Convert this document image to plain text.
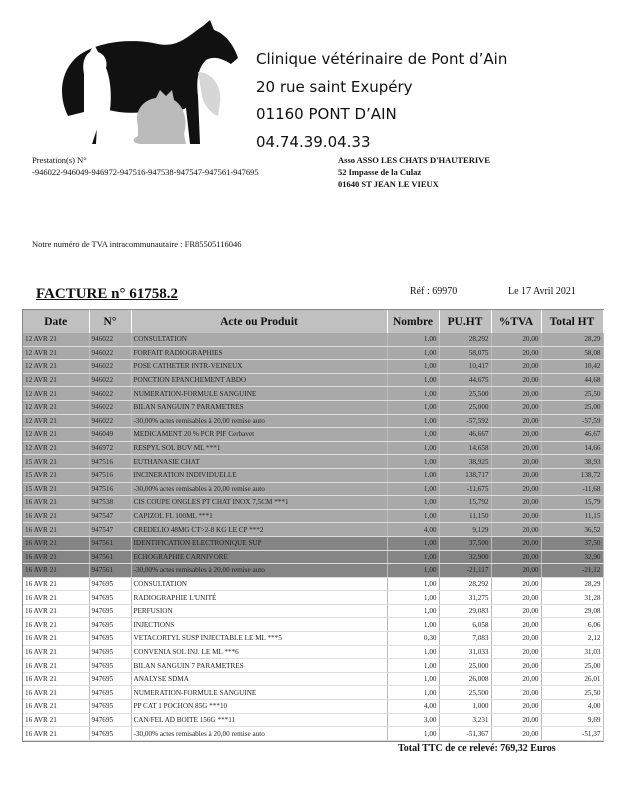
Clinique vétérinaire de Pont d’Ain
20 rue saint Exupéry
01160 PONT D’AIN
04.74.39.04.33
Prestation(s) N°
-946022-946049-946972-947516-947538-947547-947561-947695
Asso ASSO LES CHATS D'HAUTERIVE
52 Impasse de la Culaz
01640 ST JEAN LE VIEUX
Notre numéro de TVA intracommunautaire : FR85505116046
FACTURE n° 61758.2	Réf : 69970	Le 17 Avril 2021
Date	N°	Acte ou Produit	Nombre	PU.HT	%TVA	Total HT
12 AVR 21	946022	CONSULTATION	1,00	28,292	20,00	28,29
12 AVR 21	946022	FORFAIT RADIOGRAPHIES	1,00	58,075	20,00	58,08
12 AVR 21	946022	POSE CATHETER INTR-VEINEUX	1,00	10,417	20,00	10,42
12 AVR 21	946022	PONCTION EPANCHEMENT ABDO	1,00	44,675	20,00	44,68
12 AVR 21	946022	NUMERATION-FORMULE SANGUINE	1,00	25,500	20,00	25,50
12 AVR 21	946022	BILAN SANGUIN 7 PARAMETRES	1,00	25,000	20,00	25,00
12 AVR 21	946022	-30,00% actes remisables à 20,00 remise auto	1,00	-57,592	20,00	-57,59
12 AVR 21	946049	MEDICAMENT 20 % PCR PIF Cerbavet	1,00	46,667	20,00	46,67
12 AVR 21	946972	RESPYL SOL BUV ML ***1	1,00	14,658	20,00	14,66
15 AVR 21	947516	EUTHANASIE CHAT	1,00	38,925	20,00	38,93
15 AVR 21	947516	INCINERATION INDIVIDUELLE	1,00	138,717	20,00	138,72
15 AVR 21	947516	-30,00% actes remisables à 20,00 remise auto	1,00	-11,675	20,00	-11,68
16 AVR 21	947538	CIS COUPE ONGLES PT CHAT INOX 7,5CM ***1	1,00	15,792	20,00	15,79
16 AVR 21	947547	CAPIZOL FL 100ML ***1	1,00	11,150	20,00	11,15
16 AVR 21	947547	CREDELIO 48MG CT>2-8 KG LE CP ***2	4,00	9,129	20,00	36,52
16 AVR 21	947561	IDENTIFICATION ELECTRONIQUE SUP	1,00	37,500	20,00	37,50
16 AVR 21	947561	ECHOGRAPHIE CARNIVORE	1,00	32,900	20,00	32,90
16 AVR 21	947561	-30,00% actes remisables à 20,00 remise auto	1,00	-21,117	20,00	-21,12
16 AVR 21	947695	CONSULTATION	1,00	28,292	20,00	28,29
16 AVR 21	947695	RADIOGRAPHIE L'UNITÉ	1,00	31,275	20,00	31,28
16 AVR 21	947695	PERFUSION	1,00	29,083	20,00	29,08
16 AVR 21	947695	INJECTIONS	1,00	6,058	20,00	6,06
16 AVR 21	947695	VETACORTYL SUSP INJECTABLE LE ML ***5	0,30	7,083	20,00	2,12
16 AVR 21	947695	CONVENIA SOL INJ. LE ML ***6	1,00	31,033	20,00	31,03
16 AVR 21	947695	BILAN SANGUIN 7 PARAMETRES	1,00	25,000	20,00	25,00
16 AVR 21	947695	ANALYSE SDMA	1,00	26,008	20,00	26,01
16 AVR 21	947695	NUMERATION-FORMULE SANGUINE	1,00	25,500	20,00	25,50
16 AVR 21	947695	PP CAT 1 POCHON 85G ***10	4,00	1,000	20,00	4,00
16 AVR 21	947695	CAN/FEL AD BOITE 156G ***11	3,00	3,231	20,00	9,69
16 AVR 21	947695	-30,00% actes remisables à 20,00 remise auto	1,00	-51,367	20,00	-51,37
Total TTC de ce relevé: 769,32 Euros
